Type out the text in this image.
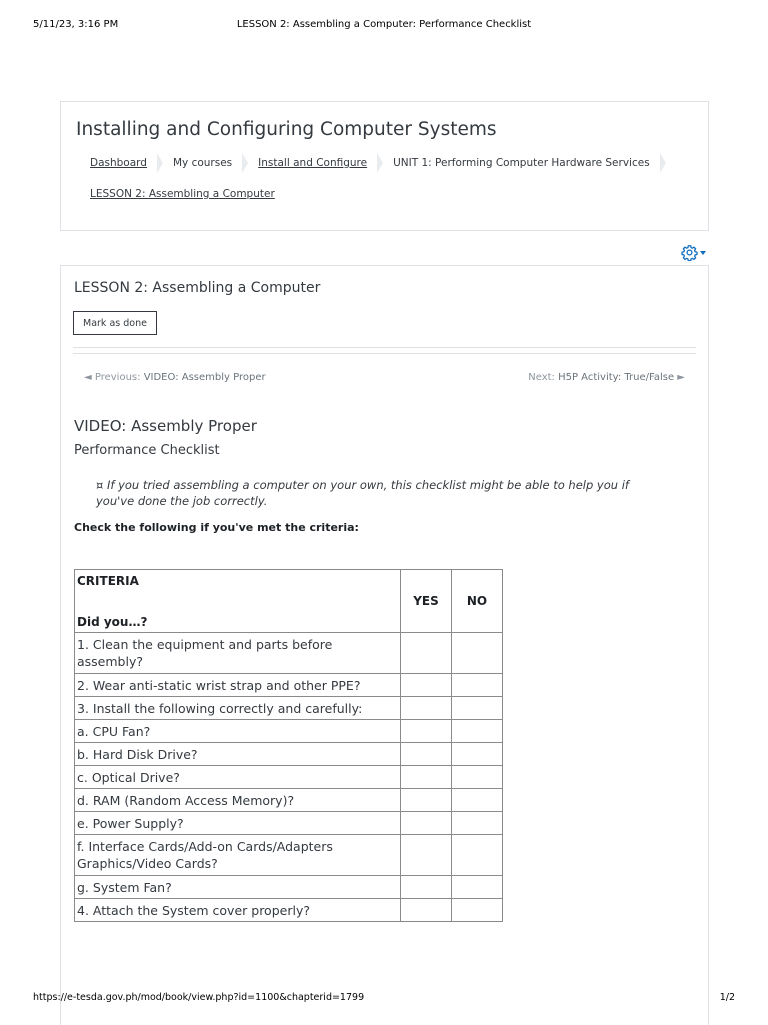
5/11/23, 3:16 PM	LESSON 2: Assembling a Computer: Performance Checklist
Installing and Configuring Computer Systems
Dashboard My courses Install and Configure UNIT 1: Performing Computer Hardware Services
LESSON 2: Assembling a Computer
LESSON 2: Assembling a Computer
Mark as done
◄ Previous: VIDEO: Assembly Proper	Next: H5P Activity: True/False ►
VIDEO: Assembly Proper
Performance Checklist
¤ If you tried assembling a computer on your own, this checklist might be able to help you if you've done the job correctly.
Check the following if you've met the criteria:
CRITERIA
Did you…?	YES	NO
1. Clean the equipment and parts before assembly?		
2. Wear anti-static wrist strap and other PPE?		
3. Install the following correctly and carefully:		
a. CPU Fan?		
b. Hard Disk Drive?		
c. Optical Drive?		
d. RAM (Random Access Memory)?		
e. Power Supply?		
f. Interface Cards/Add-on Cards/Adapters Graphics/Video Cards?		
g. System Fan?		
4. Attach the System cover properly?		
https://e-tesda.gov.ph/mod/book/view.php?id=1100&chapterid=1799	1/2
